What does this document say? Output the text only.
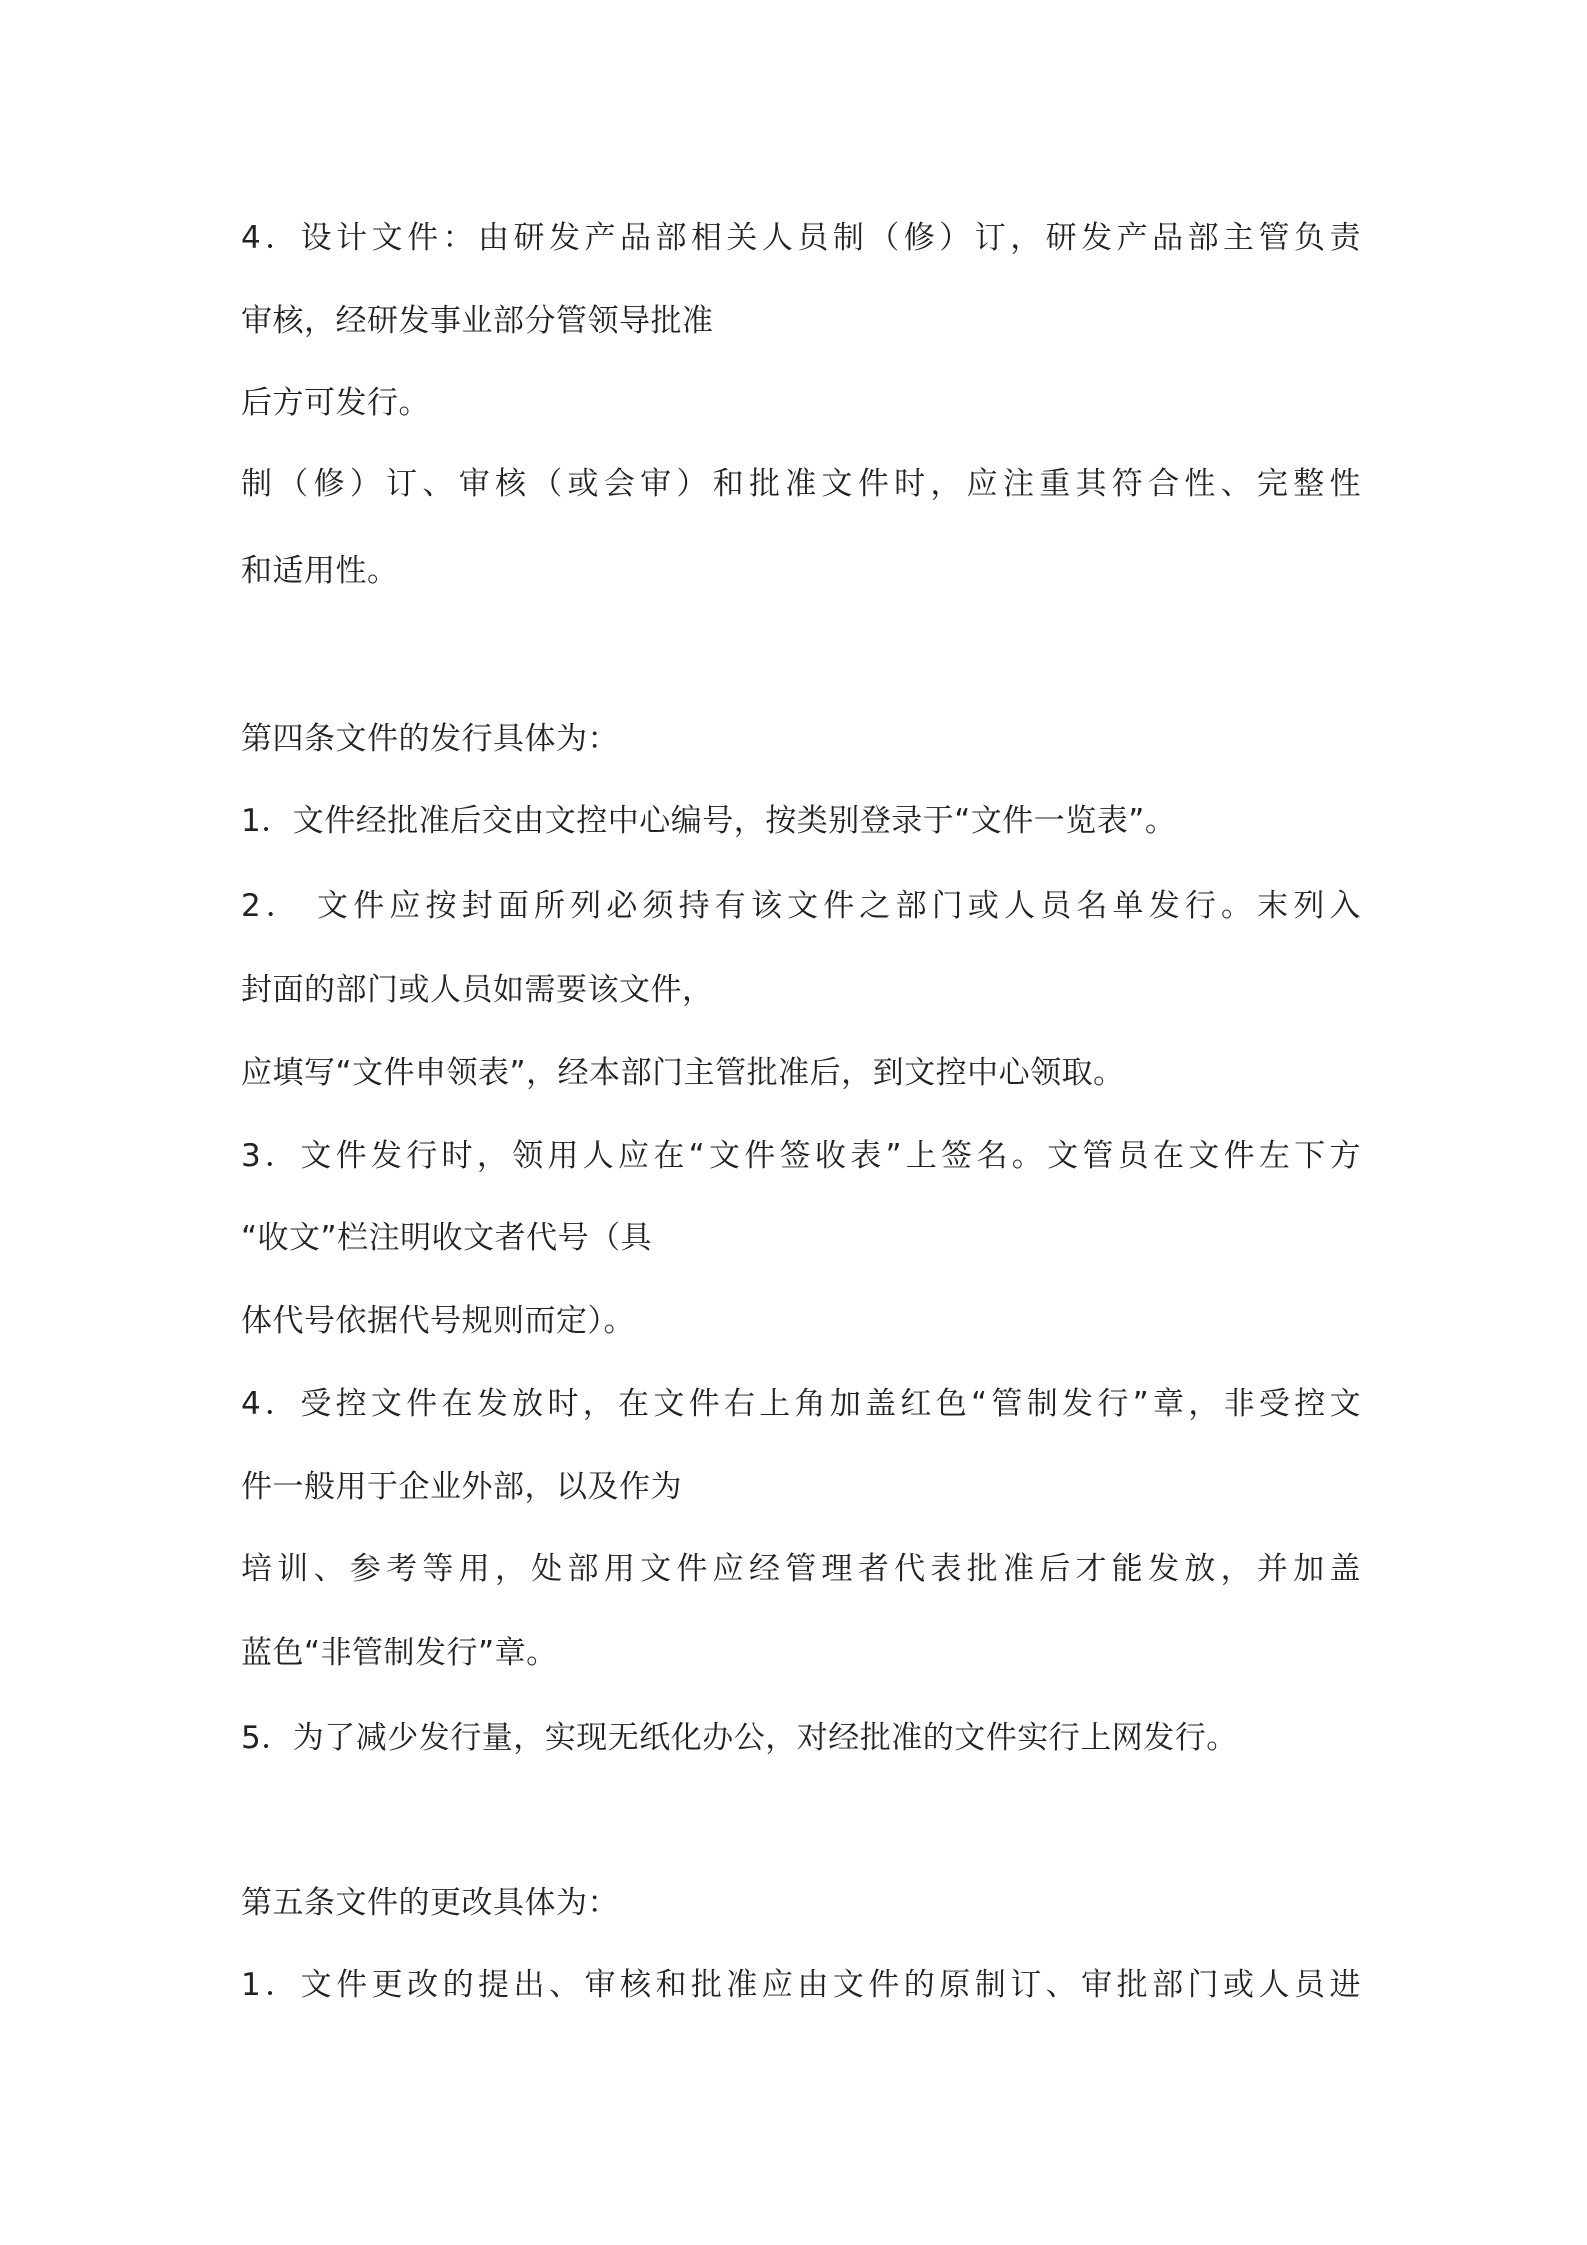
4．设计文件：由研发产品部相关人员制（修）订，研发产品部主管负责
审核，经研发事业部分管领导批准
后方可发行。
制（修）订、审核（或会审）和批准文件时，应注重其符合性、完整性
和适用性。
第四条文件的发行具体为：
1．文件经批准后交由文控中心编号，按类别登录于“文件一览表”。
2． 文件应按封面所列必须持有该文件之部门或人员名单发行。末列入
封面的部门或人员如需要该文件，
应填写“文件申领表”，经本部门主管批准后，到文控中心领取。
3．文件发行时，领用人应在“文件签收表”上签名。文管员在文件左下方
“收文”栏注明收文者代号（具
体代号依据代号规则而定）。
4．受控文件在发放时，在文件右上角加盖红色“管制发行”章，非受控文
件一般用于企业外部，以及作为
培训、参考等用，处部用文件应经管理者代表批准后才能发放，并加盖
蓝色“非管制发行”章。
5．为了减少发行量，实现无纸化办公，对经批准的文件实行上网发行。
第五条文件的更改具体为：
1．文件更改的提出、审核和批准应由文件的原制订、审批部门或人员进
